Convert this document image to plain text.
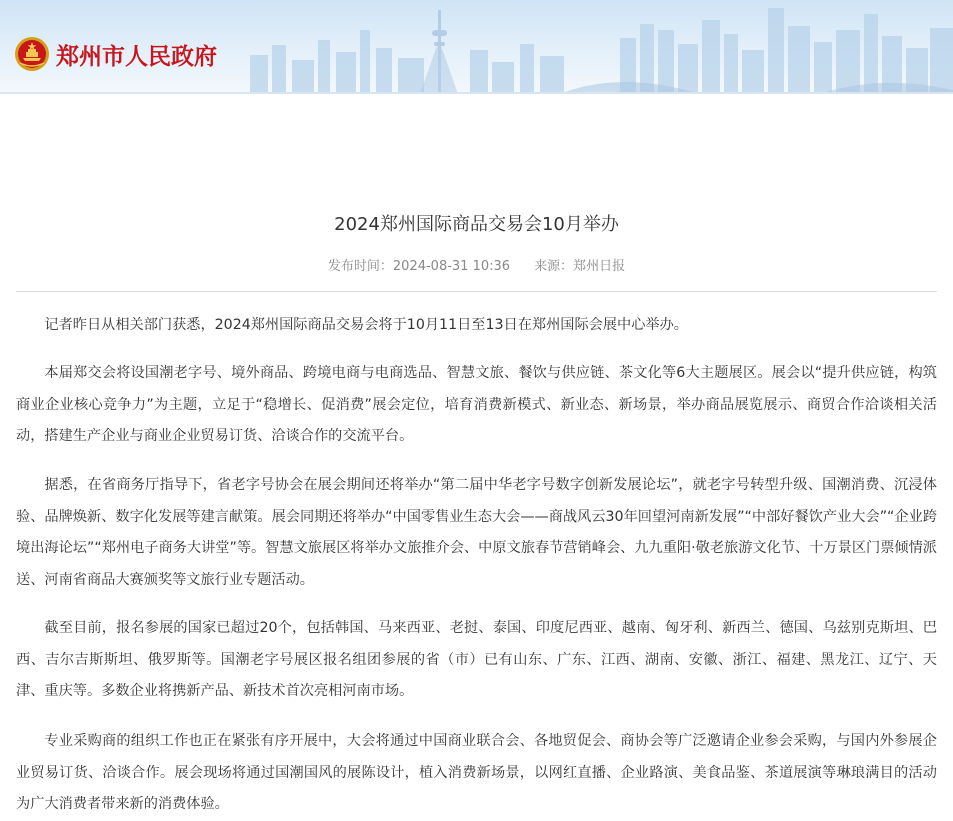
郑州市人民政府
2024郑州国际商品交易会10月举办
发布时间：2024-08-31 10:36 来源：郑州日报

记者昨日从相关部门获悉，2024郑州国际商品交易会将于10月11日至13日在郑州国际会展中心举办。

本届郑交会将设国潮老字号、境外商品、跨境电商与电商选品、智慧文旅、餐饮与供应链、茶文化等6大主题展区。展会以“提升供应链，构筑商业企业核心竞争力”为主题，立足于“稳增长、促消费”展会定位，培育消费新模式、新业态、新场景，举办商品展览展示、商贸合作洽谈相关活动，搭建生产企业与商业企业贸易订货、洽谈合作的交流平台。

据悉，在省商务厅指导下，省老字号协会在展会期间还将举办“第二届中华老字号数字创新发展论坛”，就老字号转型升级、国潮消费、沉浸体验、品牌焕新、数字化发展等建言献策。展会同期还将举办“中国零售业生态大会——商战风云30年回望河南新发展”“中部好餐饮产业大会”“企业跨境出海论坛”“郑州电子商务大讲堂”等。智慧文旅展区将举办文旅推介会、中原文旅春节营销峰会、九九重阳·敬老旅游文化节、十万景区门票倾情派送、河南省商品大赛颁奖等文旅行业专题活动。

截至目前，报名参展的国家已超过20个，包括韩国、马来西亚、老挝、泰国、印度尼西亚、越南、匈牙利、新西兰、德国、乌兹别克斯坦、巴西、吉尔吉斯斯坦、俄罗斯等。国潮老字号展区报名组团参展的省（市）已有山东、广东、江西、湖南、安徽、浙江、福建、黑龙江、辽宁、天津、重庆等。多数企业将携新产品、新技术首次亮相河南市场。

专业采购商的组织工作也正在紧张有序开展中，大会将通过中国商业联合会、各地贸促会、商协会等广泛邀请企业参会采购，与国内外参展企业贸易订货、洽谈合作。展会现场将通过国潮国风的展陈设计，植入消费新场景，以网红直播、企业路演、美食品鉴、茶道展演等琳琅满目的活动为广大消费者带来新的消费体验。
